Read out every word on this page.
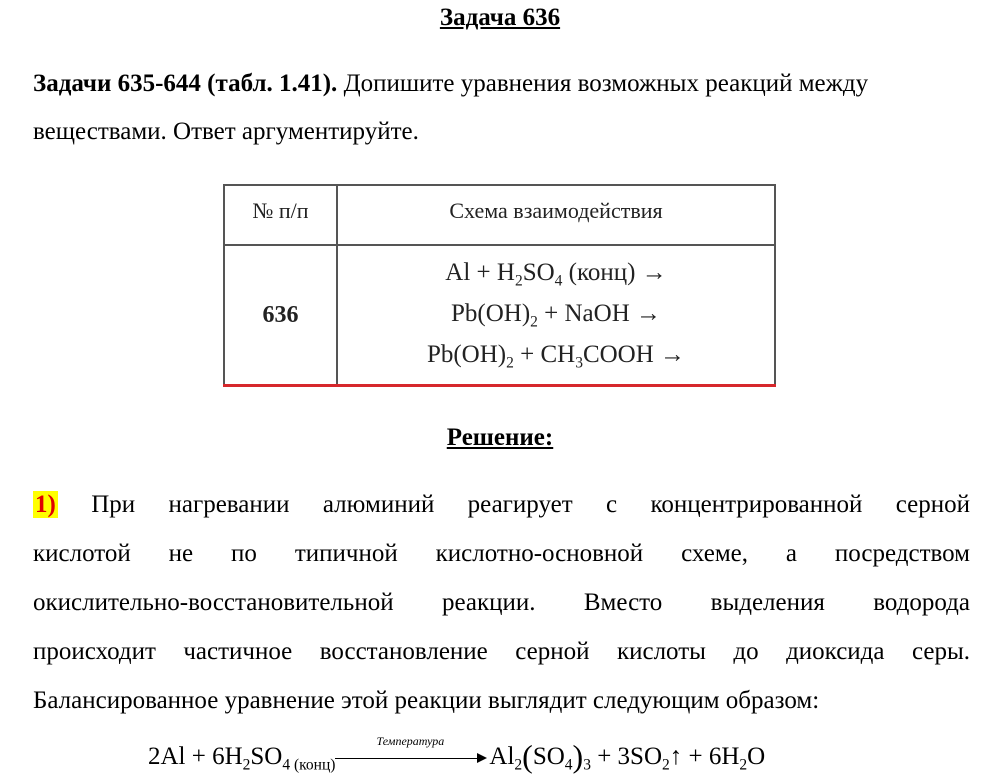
Задача 636
Задачи 635-644 (табл. 1.41). Допишите уравнения возможных реакций между веществами. Ответ аргументируйте.
№ п/п	Схема взаимодействия
636
$Al + H_2SO_4$ (конц) →
$Pb(OH)_2$ + NaOH →
$Pb(OH)_2$ + $CH_3COOH$ →
Решение:
1) При нагревании алюминий реагирует с концентрированной серной
кислотой не по типичной кислотно-основной схеме, а посредством
окислительно-восстановительной реакции. Вместо выделения водорода
происходит частичное восстановление серной кислоты до диоксида серы.
Балансированное уравнение этой реакции выглядит следующим образом:
$2Al + 6H_2SO_{4 (конц)}$
Температура
$Al_2(SO_4)_3$ + $3SO_2↑ + 6H_2O$
